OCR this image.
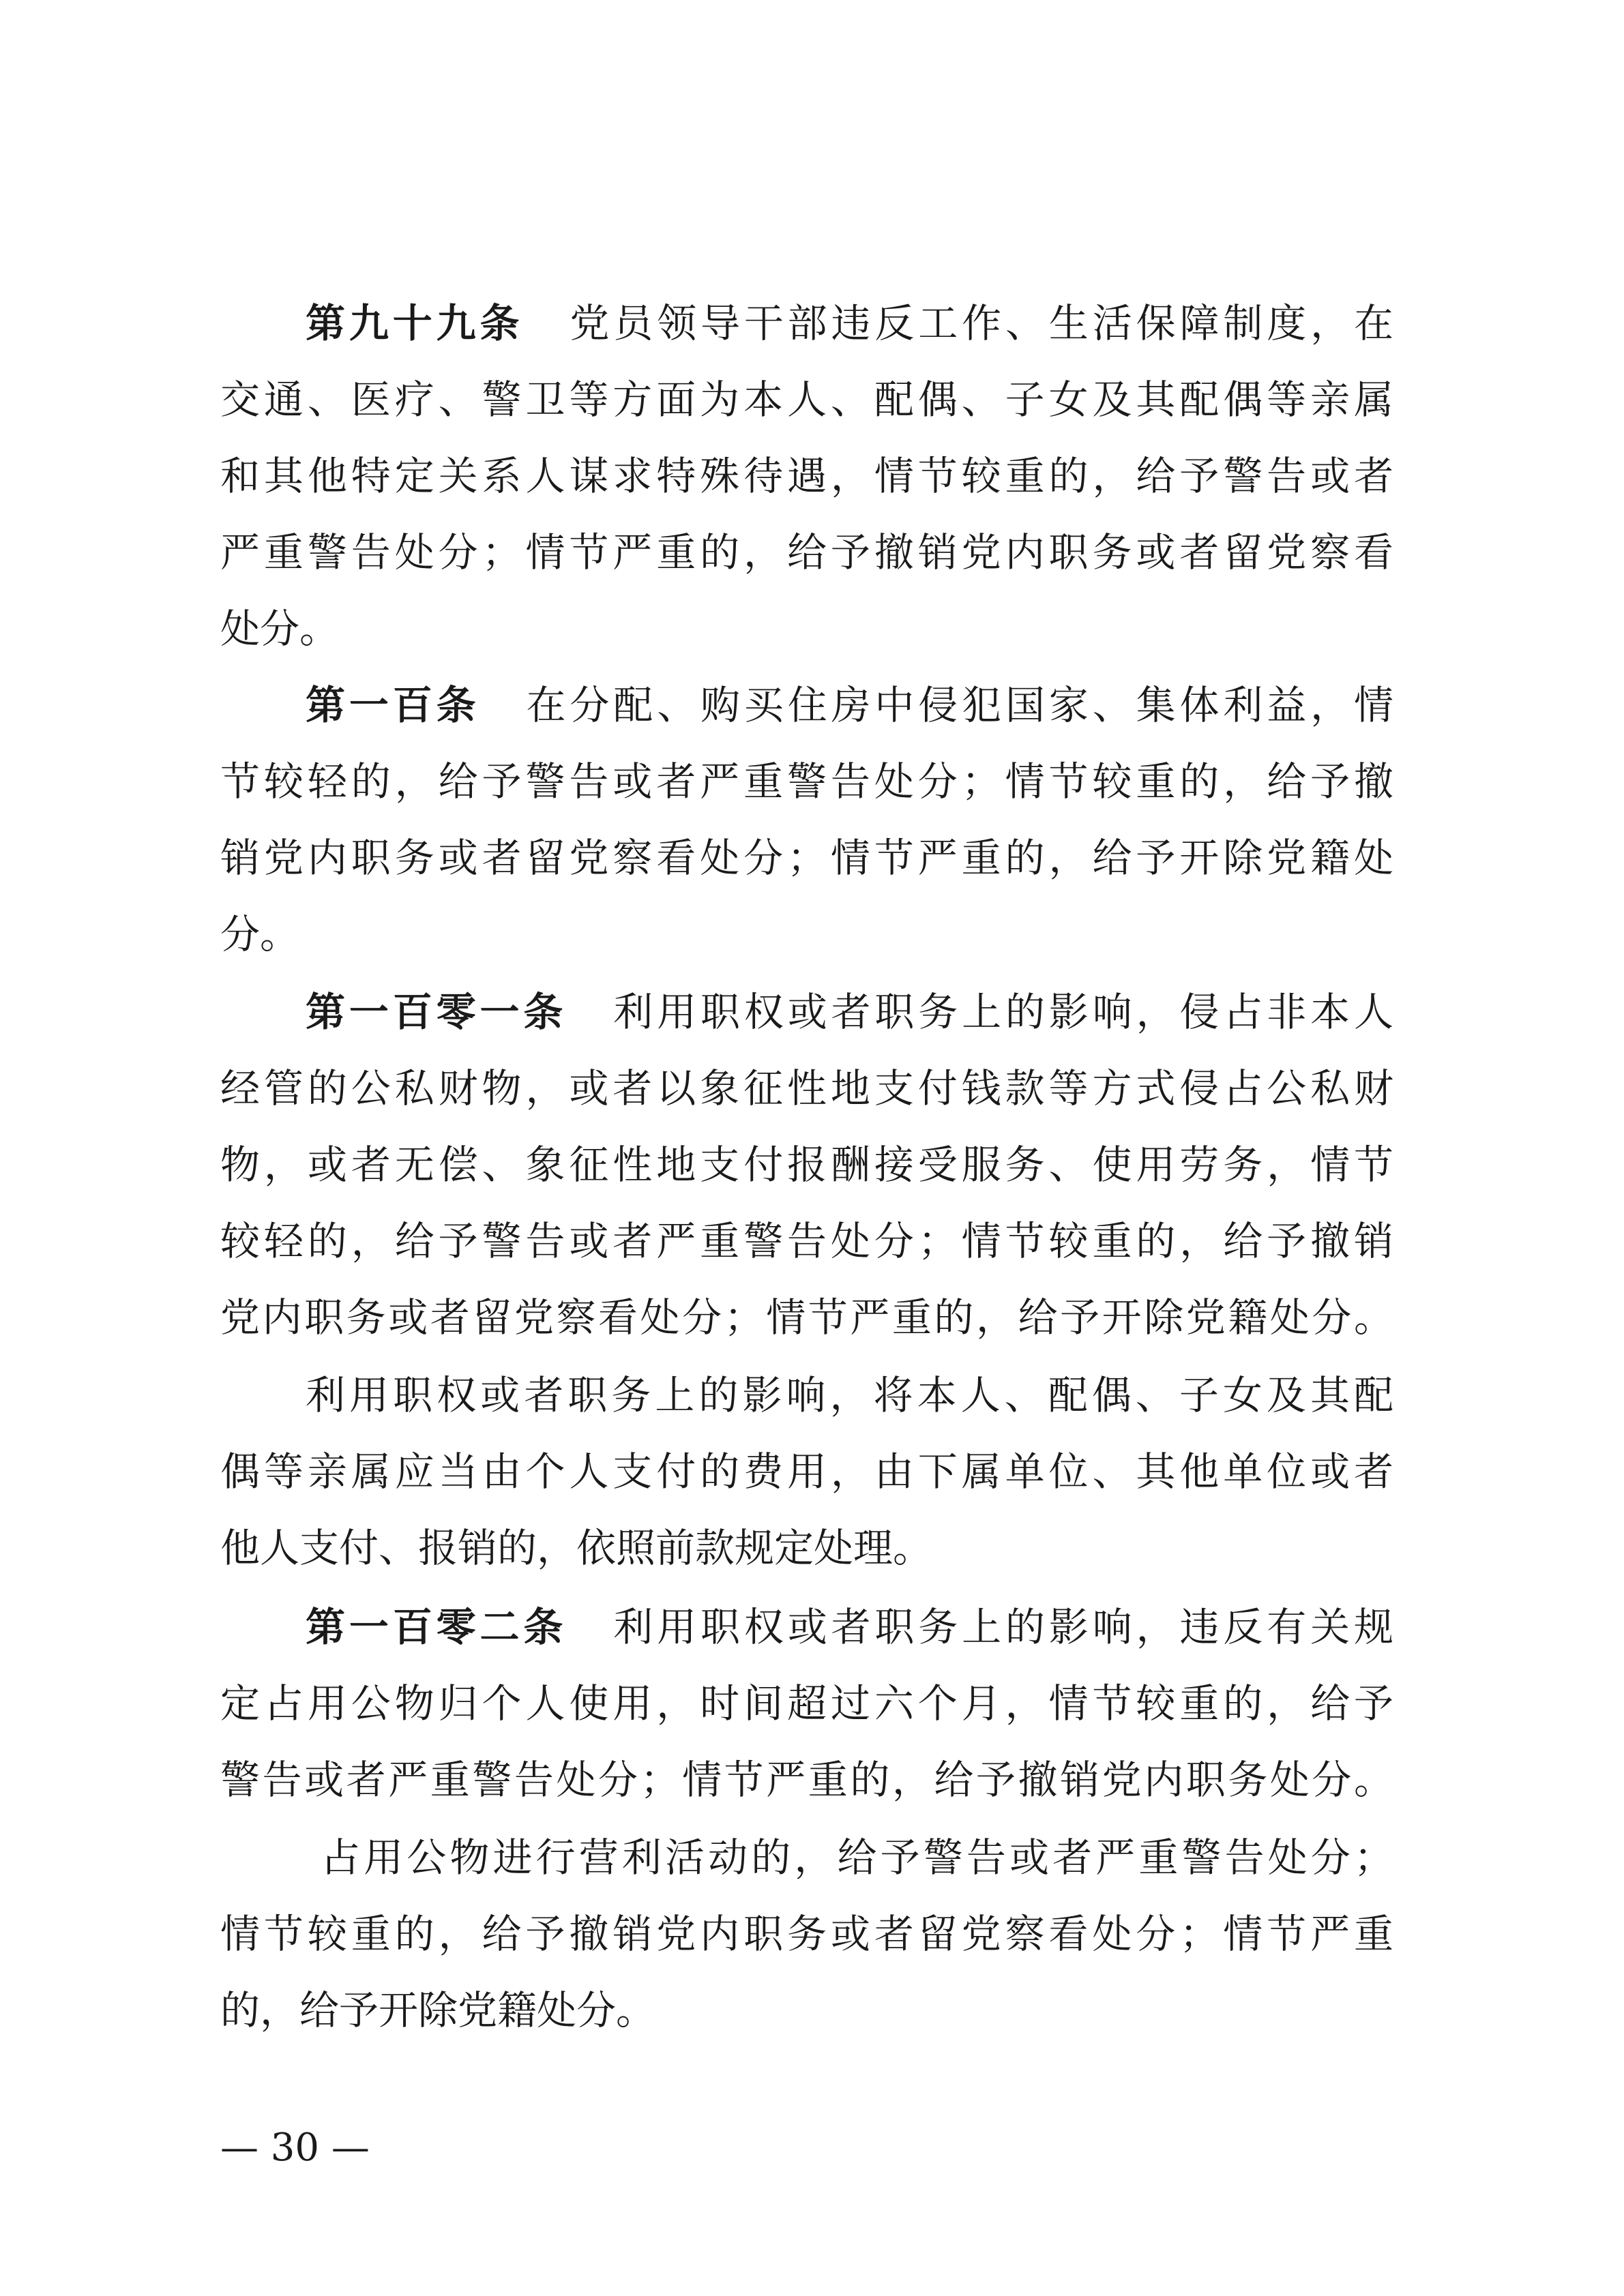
第九十九条 党员领导干部违反工作、生活保障制度，在
交通、医疗、警卫等方面为本人、配偶、子女及其配偶等亲属
和其他特定关系人谋求特殊待遇，情节较重的，给予警告或者
严重警告处分；情节严重的，给予撤销党内职务或者留党察看
处分。
第一百条 在分配、购买住房中侵犯国家、集体利益，情
节较轻的，给予警告或者严重警告处分；情节较重的，给予撤
销党内职务或者留党察看处分；情节严重的，给予开除党籍处
分。
第一百零一条 利用职权或者职务上的影响，侵占非本人
经管的公私财物，或者以象征性地支付钱款等方式侵占公私财
物，或者无偿、象征性地支付报酬接受服务、使用劳务，情节
较轻的，给予警告或者严重警告处分；情节较重的，给予撤销
党内职务或者留党察看处分；情节严重的，给予开除党籍处分。
利用职权或者职务上的影响，将本人、配偶、子女及其配
偶等亲属应当由个人支付的费用，由下属单位、其他单位或者
他人支付、报销的，依照前款规定处理。
第一百零二条 利用职权或者职务上的影响，违反有关规
定占用公物归个人使用，时间超过六个月，情节较重的，给予
警告或者严重警告处分；情节严重的，给予撤销党内职务处分。
占用公物进行营利活动的，给予警告或者严重警告处分；
情节较重的，给予撤销党内职务或者留党察看处分；情节严重
的，给予开除党籍处分。
— 30 —
